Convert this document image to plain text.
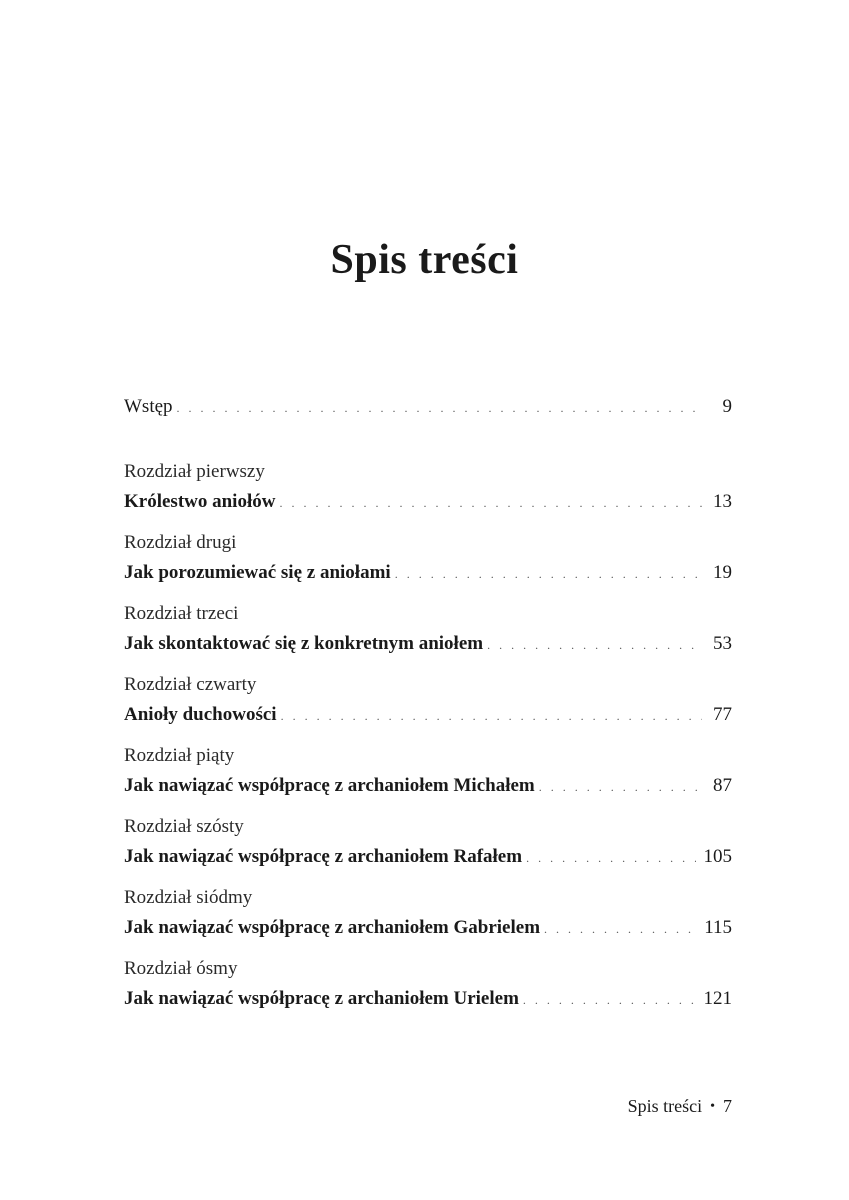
Spis treści
Wstęp . . .	9
Rozdział pierwszy
Królestwo aniołów . . .	13
Rozdział drugi
Jak porozumiewać się z aniołami . . .	19
Rozdział trzeci
Jak skontaktować się z konkretnym aniołem . . .	53
Rozdział czwarty
Anioły duchowości . . .	77
Rozdział piąty
Jak nawiązać współpracę z archaniołem Michałem . . .	87
Rozdział szósty
Jak nawiązać współpracę z archaniołem Rafałem . . .	105
Rozdział siódmy
Jak nawiązać współpracę z archaniołem Gabrielem . . .	115
Rozdział ósmy
Jak nawiązać współpracę z archaniołem Urielem . . .	121
Spis treści • 7
